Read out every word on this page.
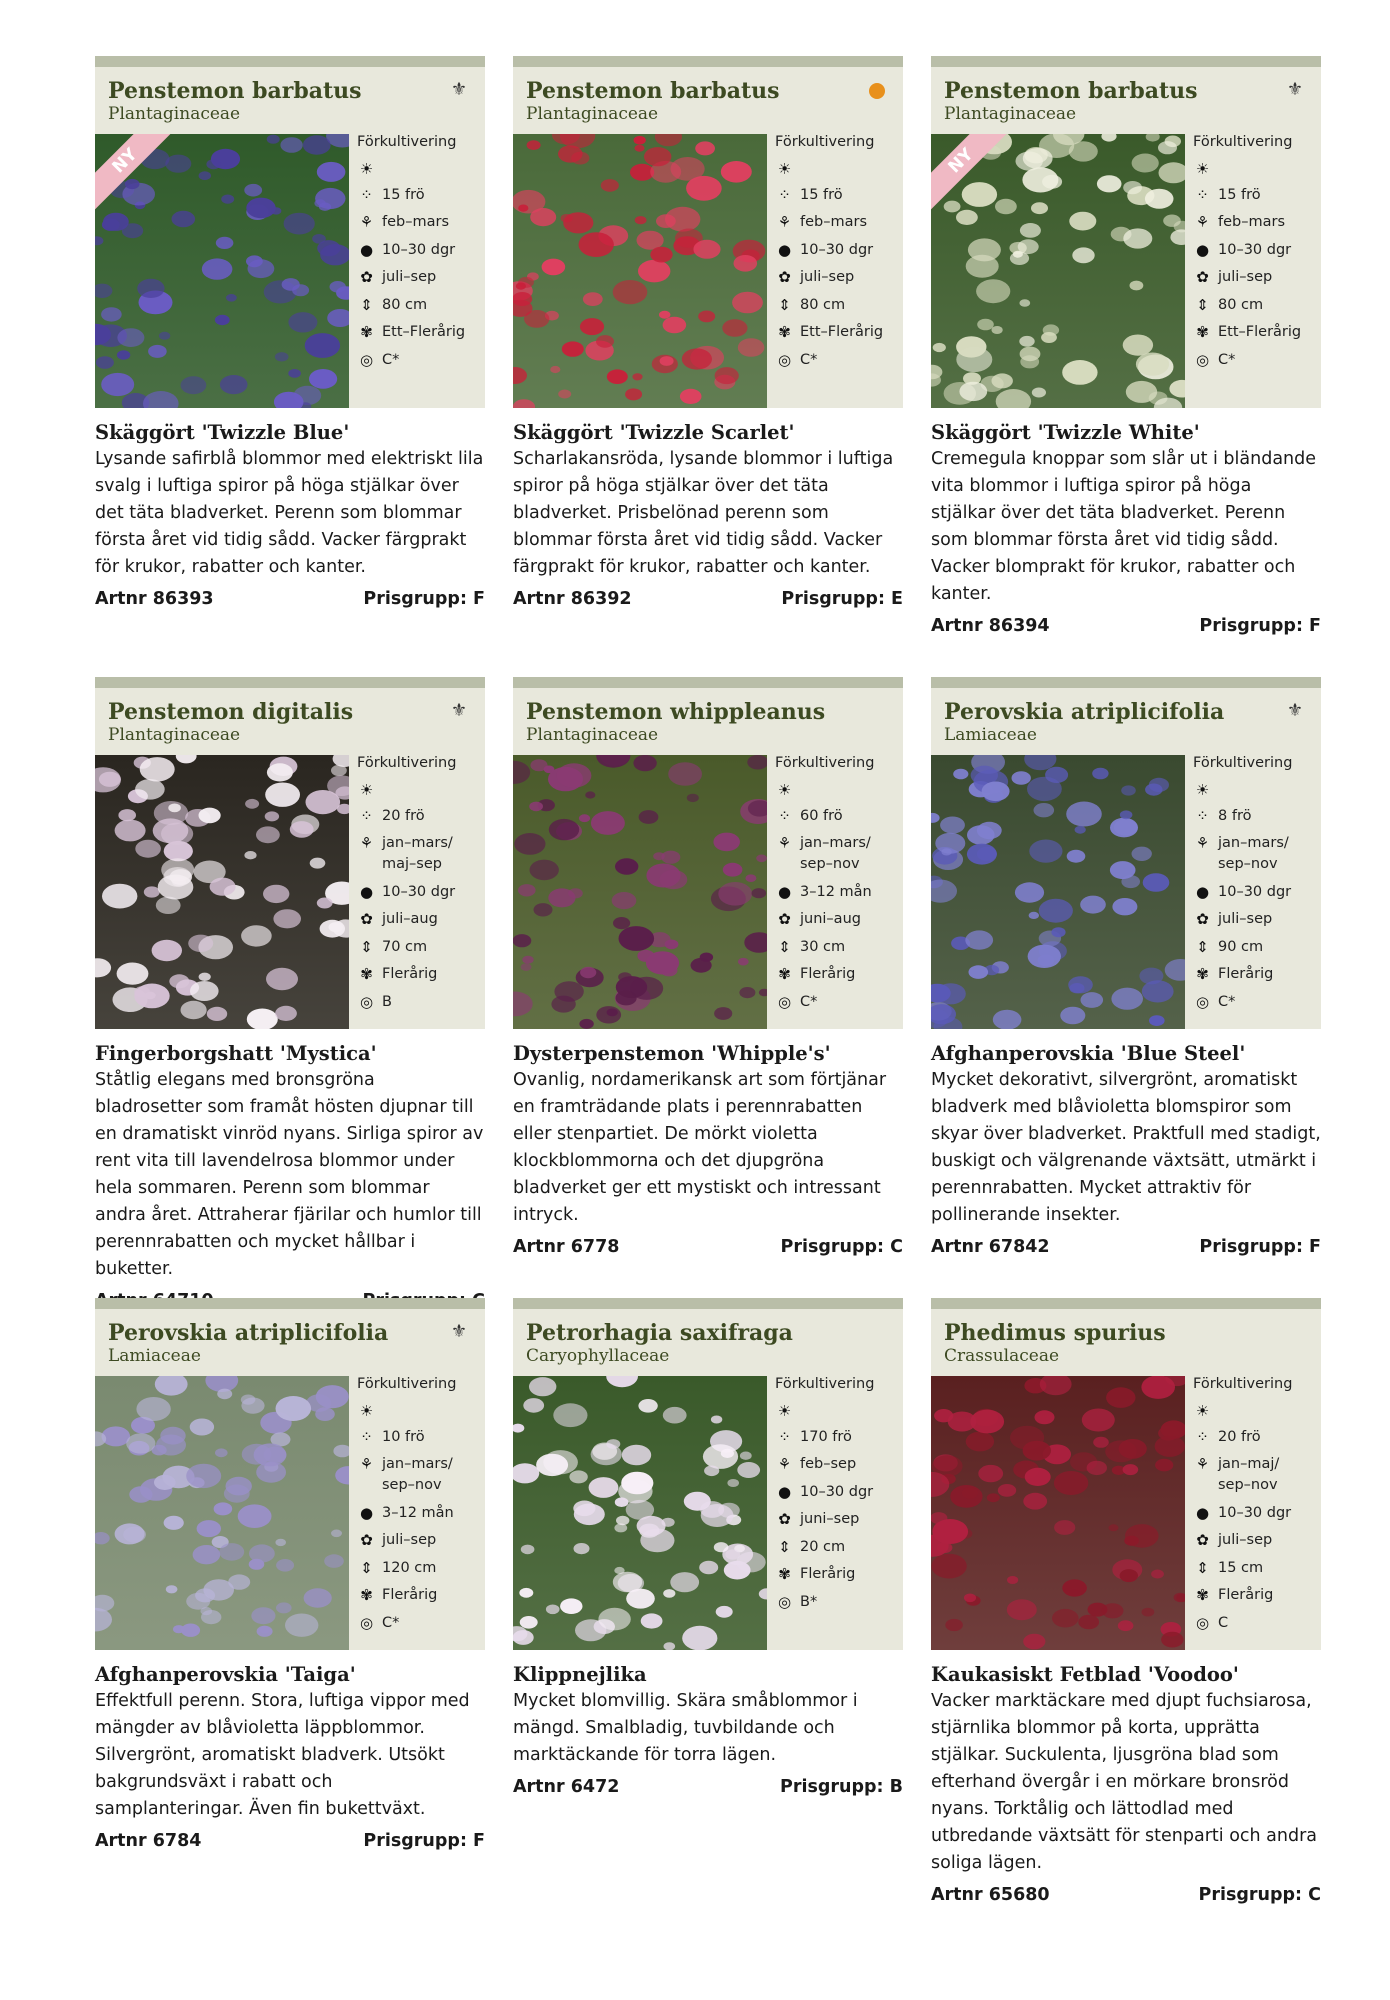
Penstemon barbatus
Plantaginaceae
⚜
NY
Förkultivering
☀
⁘ 15 frö
⚘ feb–mars
● 10–30 dgr
✿ juli–sep
⇕ 80 cm
✾ Ett–Flerårig
◎ C*
Skäggört 'Twizzle Blue'
Lysande safirblå blommor med elektriskt lila svalg i luftiga spiror på höga stjälkar över det täta bladverket. Perenn som blommar första året vid tidig sådd. Vacker färgprakt för krukor, rabatter och kanter.
Artnr 86393	Prisgrupp: F
Penstemon barbatus
Plantaginaceae
Förkultivering
☀
⁘ 15 frö
⚘ feb–mars
● 10–30 dgr
✿ juli–sep
⇕ 80 cm
✾ Ett–Flerårig
◎ C*
Skäggört 'Twizzle Scarlet'
Scharlakansröda, lysande blommor i luftiga spiror på höga stjälkar över det täta bladverket. Prisbelönad perenn som blommar första året vid tidig sådd. Vacker färgprakt för krukor, rabatter och kanter.
Artnr 86392	Prisgrupp: E
Penstemon barbatus
Plantaginaceae
⚜
NY
Förkultivering
☀
⁘ 15 frö
⚘ feb–mars
● 10–30 dgr
✿ juli–sep
⇕ 80 cm
✾ Ett–Flerårig
◎ C*
Skäggört 'Twizzle White'
Cremegula knoppar som slår ut i bländande vita blommor i luftiga spiror på höga stjälkar över det täta bladverket. Perenn som blommar första året vid tidig sådd. Vacker blomprakt för krukor, rabatter och kanter.
Artnr 86394	Prisgrupp: F
Penstemon digitalis
Plantaginaceae
⚜
Förkultivering
☀
⁘ 20 frö
⚘ jan–mars/
maj–sep
● 10–30 dgr
✿ juli–aug
⇕ 70 cm
✾ Flerårig
◎ B
Fingerborgshatt 'Mystica'
Ståtlig elegans med bronsgröna bladrosetter som framåt hösten djupnar till en dramatiskt vinröd nyans. Sirliga spiror av rent vita till lavendelrosa blommor under hela sommaren. Perenn som blommar andra året. Attraherar fjärilar och humlor till perennrabatten och mycket hållbar i buketter.
Penstemon whippleanus
Plantaginaceae
Förkultivering
☀
⁘ 60 frö
⚘ jan–mars/
sep–nov
● 3–12 mån
✿ juni–aug
⇕ 30 cm
✾ Flerårig
◎ C*
Dysterpenstemon 'Whipple's'
Ovanlig, nordamerikansk art som förtjänar en framträdande plats i perennrabatten eller stenpartiet. De mörkt violetta klockblommorna och det djupgröna bladverket ger ett mystiskt och intressant intryck.
Artnr 6778	Prisgrupp: C
Perovskia atriplicifolia
Lamiaceae
⚜
Förkultivering
☀
⁘ 8 frö
⚘ jan–mars/
sep–nov
● 10–30 dgr
✿ juli–sep
⇕ 90 cm
✾ Flerårig
◎ C*
Afghanperovskia 'Blue Steel'
Mycket dekorativt, silvergrönt, aromatiskt bladverk med blåvioletta blomspiror som skyar över bladverket. Praktfull med stadigt, buskigt och välgrenande växtsätt, utmärkt i perennrabatten. Mycket attraktiv för pollinerande insekter.
Artnr 67842	Prisgrupp: F
Perovskia atriplicifolia
Lamiaceae
⚜
Förkultivering
☀
⁘ 10 frö
⚘ jan–mars/
sep–nov
● 3–12 mån
✿ juli–sep
⇕ 120 cm
✾ Flerårig
◎ C*
Afghanperovskia 'Taiga'
Effektfull perenn. Stora, luftiga vippor med mängder av blåvioletta läppblommor. Silvergrönt, aromatiskt bladverk. Utsökt bakgrundsväxt i rabatt och samplanteringar. Även fin bukettväxt.
Artnr 6784	Prisgrupp: F
Petrorhagia saxifraga
Caryophyllaceae
Förkultivering
☀
⁘ 170 frö
⚘ feb–sep
● 10–30 dgr
✿ juni–sep
⇕ 20 cm
✾ Flerårig
◎ B*
Klippnejlika
Mycket blomvillig. Skära småblommor i mängd. Smalbladig, tuvbildande och marktäckande för torra lägen.
Artnr 6472	Prisgrupp: B
Phedimus spurius
Crassulaceae
Förkultivering
☀
⁘ 20 frö
⚘ jan–maj/
sep–nov
● 10–30 dgr
✿ juli–sep
⇕ 15 cm
✾ Flerårig
◎ C
Kaukasiskt Fetblad 'Voodoo'
Vacker marktäckare med djupt fuchsiarosa, stjärnlika blommor på korta, upprätta stjälkar. Suckulenta, ljusgröna blad som efterhand övergår i en mörkare bronsröd nyans. Torktålig och lättodlad med utbredande växtsätt för stenparti och andra soliga lägen.
Artnr 65680	Prisgrupp: C
